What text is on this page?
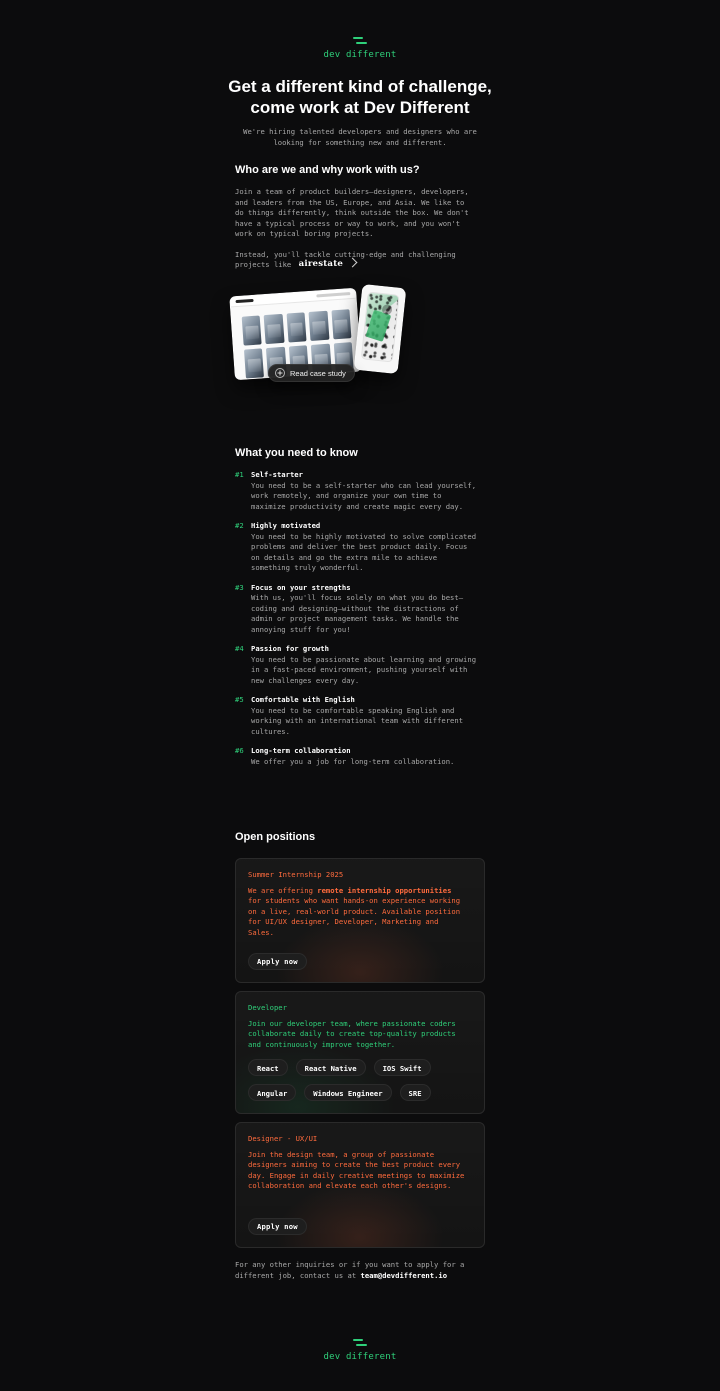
dev different
Get a different kind of challenge,
come work at Dev Different
We're hiring talented developers and designers who are
looking for something new and different.
Who are we and why work with us?
Join a team of product builders—designers, developers,
and leaders from the US, Europe, and Asia. We like to
do things differently, think outside the box. We don't
have a typical process or way to work, and you won't
work on typical boring projects.
Instead, you'll tackle cutting-edge and challenging
projects like airestate
Read case study
What you need to know
#1	Self-starter

You need to be a self-starter who can lead yourself,
work remotely, and organize your own time to
maximize productivity and create magic every day.
#2	Highly motivated

You need to be highly motivated to solve complicated
problems and deliver the best product daily. Focus
on details and go the extra mile to achieve
something truly wonderful.
#3	Focus on your strengths

With us, you'll focus solely on what you do best—
coding and designing—without the distractions of
admin or project management tasks. We handle the
annoying stuff for you!
#4	Passion for growth

You need to be passionate about learning and growing
in a fast-paced environment, pushing yourself with
new challenges every day.
#5	Comfortable with English

You need to be comfortable speaking English and
working with an international team with different
cultures.
#6	Long-term collaboration

We offer you a job for long-term collaboration.
Open positions

Summer Internship 2025

We are offering remote internship opportunities
for students who want hands-on experience working
on a live, real-world product. Available position
for UI/UX designer, Developer, Marketing and
Sales.
Apply now

Developer

Join our developer team, where passionate coders
collaborate daily to create top-quality products
and continuously improve together.
React	React Native	IOS Swift
Angular	Windows Engineer	SRE

Designer - UX/UI

Join the design team, a group of passionate
designers aiming to create the best product every
day. Engage in daily creative meetings to maximize
collaboration and elevate each other's designs.
Apply now
For any other inquiries or if you want to apply for a
different job, contact us at team@devdifferent.io
dev different
